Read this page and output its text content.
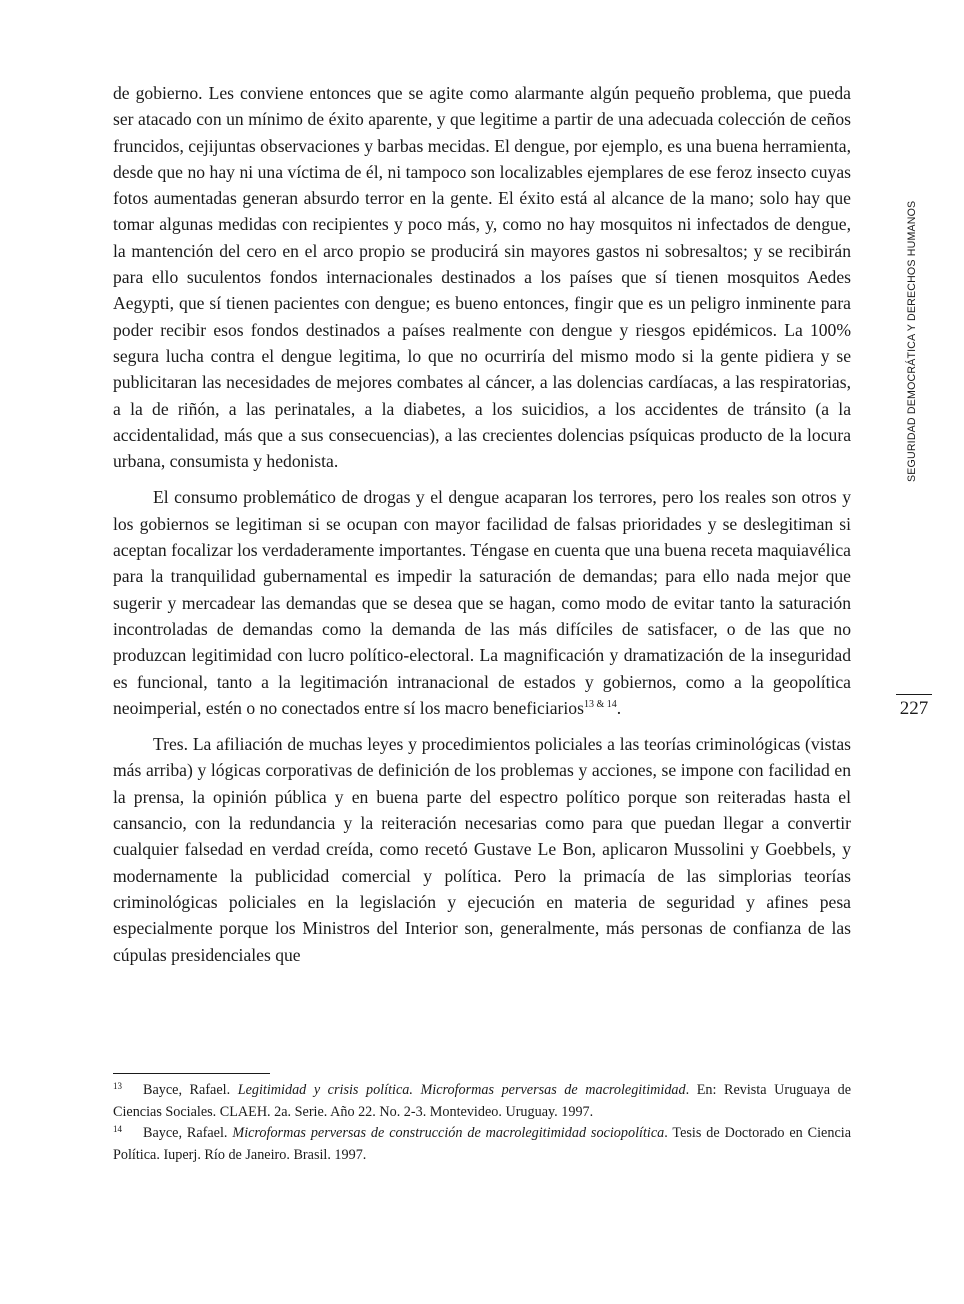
de gobierno. Les conviene entonces que se agite como alarmante algún pequeño problema, que pueda ser atacado con un mínimo de éxito aparente, y que legitime a partir de una adecuada colección de ceños fruncidos, cejijuntas observaciones y barbas mecidas. El dengue, por ejemplo, es una buena herramienta, desde que no hay ni una víctima de él, ni tampoco son localizables ejemplares de ese feroz insecto cuyas fotos aumentadas generan absurdo terror en la gente. El éxito está al alcance de la mano; solo hay que tomar algunas medidas con recipientes y poco más, y, como no hay mosquitos ni infectados de dengue, la mantención del cero en el arco propio se producirá sin mayores gastos ni sobresaltos; y se recibirán para ello suculentos fondos internacionales destinados a los países que sí tienen mosquitos Aedes Aegypti, que sí tienen pacientes con dengue; es bueno entonces, fingir que es un peligro inminente para poder recibir esos fondos destinados a países realmente con dengue y riesgos epidémicos. La 100% segura lucha contra el dengue legitima, lo que no ocurriría del mismo modo si la gente pidiera y se publicitaran las necesidades de mejores combates al cáncer, a las dolencias cardíacas, a las respiratorias, a la de riñón, a las perinatales, a la diabetes, a los suicidios, a los accidentes de tránsito (a la accidentalidad, más que a sus consecuencias), a las crecientes dolencias psíquicas producto de la locura urbana, consumista y hedonista.

El consumo problemático de drogas y el dengue acaparan los terrores, pero los reales son otros y los gobiernos se legitiman si se ocupan con mayor facilidad de falsas prioridades y se deslegitiman si aceptan focalizar los verdaderamente importantes. Téngase en cuenta que una buena receta maquiavélica para la tranquilidad gubernamental es impedir la saturación de demandas; para ello nada mejor que sugerir y mercadear las demandas que se desea que se hagan, como modo de evitar tanto la saturación incontroladas de demandas como la demanda de las más difíciles de satisfacer, o de las que no produzcan legitimidad con lucro político-electoral. La magnificación y dramatización de la inseguridad es funcional, tanto a la legitimación intranacional de estados y gobiernos, como a la geopolítica neoimperial, estén o no conectados entre sí los macro beneficiarios$^{13 \& 14}$.

Tres. La afiliación de muchas leyes y procedimientos policiales a las teorías criminológicas (vistas más arriba) y lógicas corporativas de definición de los problemas y acciones, se impone con facilidad en la prensa, la opinión pública y en buena parte del espectro político porque son reiteradas hasta el cansancio, con la redundancia y la reiteración necesarias como para que puedan llegar a convertir cualquier falsedad en verdad creída, como recetó Gustave Le Bon, aplicaron Mussolini y Goebbels, y modernamente la publicidad comercial y política. Pero la primacía de las simplorias teorías criminológicas policiales en la legislación y ejecución en materia de seguridad y afines pesa especialmente porque los Ministros del Interior son, generalmente, más personas de confianza de las cúpulas presidenciales que

13 Bayce, Rafael. Legitimidad y crisis política. Microformas perversas de macrolegitimidad. En: Revista Uruguaya de Ciencias Sociales. CLAEH. 2a. Serie. Año 22. No. 2-3. Montevideo. Uruguay. 1997.

14 Bayce, Rafael. Microformas perversas de construcción de macrolegitimidad sociopolítica. Tesis de Doctorado en Ciencia Política. Iuperj. Río de Janeiro. Brasil. 1997.

SEGURIDAD DEMOCRÁTICA Y DERECHOS HUMANOS
227
